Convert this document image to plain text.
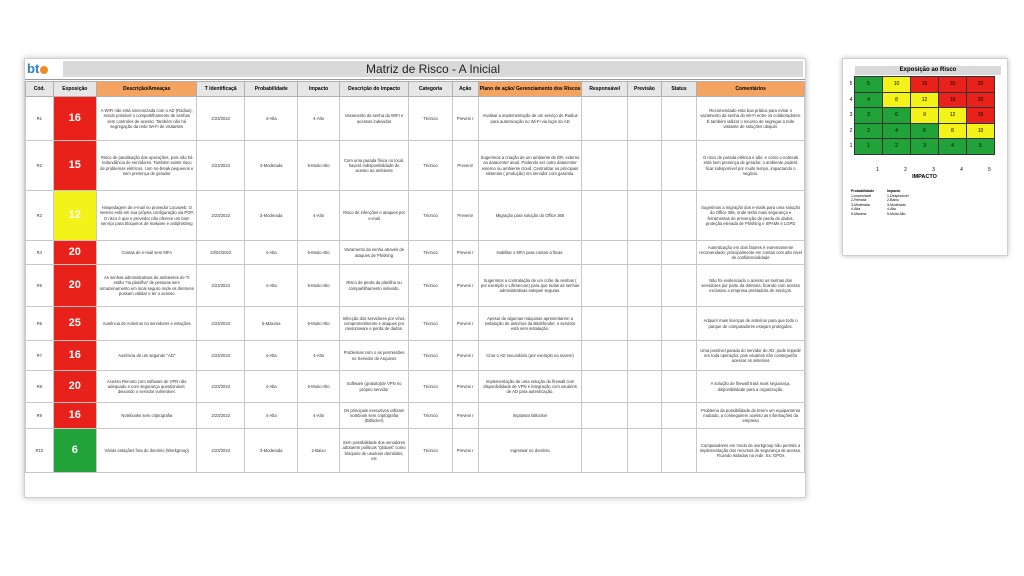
bt	Matriz de Risco - A Inicial
Cód.	Exposição	Descrição/Ameaças	T Identificaçã	Probabilidade	Impacto	Descrição do Impacto	Categoria	Ação	Plano de ação/ Gerenciamento dos Riscos	Responsável	Previsão	Status	Comentários
R1	16	A WIFI não está sincronizada com o AD (Radius), sendo possível o compartilhamento de senhas sem controles de acesso. Também não há segregação da rede Wi-Fi de visitantes	2/23/2022	4-Alta	4-Alto	Vazamento da senha da WIFI e acessos indevidos	Técnico	Preveni r	Analisar a implementação de um serviço de Radius para autenticação no Wi-Fi via login do AD				Recomendado esta boa prática para evitar o vazamento da senha do Wi-Fi entre os colaboradores. É também utilizar o recurso de segregar a rede visitante de soluções ubiquiti.
R2	15	Risco de paralisação das operações, pois não há redundância de servidores. Também existe risco de problemas elétricos, com no-break pequenos e sem presença de gerador	2/23/2022	3-Moderada	5-Muito Alto	Com uma parada física no local, haverá indisponibilidade de acesso ao ambiente	Técnico	Prevenir	Sugerimos a criação de um ambiente de DR, externo ao datacenter atual. Podendo ser outro datacenter externo ou ambiente cloud. Centralizar os principais sistemas ( produção) em servidor com garantia.				O risco de parada elétrica é alto, e como o nobreak está sem presença de gerador, o ambiente poderá ficar indisponível por muito tempo, impactando o negócio.
R3	12	Hospedagem de e-mail no provedor Locaweb. O mesmo está em sua própria configuração via POP, O risco é que o provedor não oferece um bom serviço para bloqueios de malware e antiphishing	2/23/2022	3-Moderada	4-Alto	Risco de infecções e ataques por e-mail	Técnico	Prevenir	Migração para solução do Office 365				Sugerimos a migração dos e-mails para uma solução do Office 365, onde terão mais segurança e ferramentas de prevenção de perda de dados, proteção elevada de Phishing e SPAMs e LGPD
R4	20	Contas de e-mail sem MFA	23/02/2022	4-Alta	5-Muito Alto	Vazamento da senha através de ataques de Phishing	Técnico	Preveni r	Habilitar o MFA para contas críticas.				Autenticação em dois fatores é extremamente recomendado, principalmente em contas com alto nível de confidencialidade
R5	20	As senhas administrativas de ambientes de TI estão "na planilha" de pessoas sem armazenamento em local seguro onde os diretores possam validar e ter o acesso	2/23/2022	4-Alta	5-Muito Alto	Risco de perda da planilha ou compartilhamento indevido.	Técnico	Preveni r	Sugerimos a contratação de um cofre de senhas ( por exemplo o LifeSecure) para que todas as senhas administrativas estejam seguras.				Não foi evidenciado o acesso as senhas dos servidores por parte da diretoria, ficando com acesso exclusivo a empresa prestadora de serviços.
R6	25	Ausência de Antivírus no servidores e estações	2/23/2022	5-Máxima	5-Muito Alto	Infecção dos servidores por vírus, comprometimento e ataques por ransomware e perda de dados.	Técnico	Preveni r	Apesar de algumas máquinas apresentarem a instalação de antivírus da Bitdefender, o servidor está sem instalação.				Adquirir mais licenças de antivírus para que todo o parque de computadores estejam protegidos.
R7	16	Ausência de um segundo "AD"	2/23/2022	4-Alta	4-Alto	Problemas com o as permissões no Servidor de Arquivos	Técnico	Preveni r	Criar o AD secundário (por exemplo na nuvem)				Uma possível parada do servidor de AD, pode impedir em toda operação, pois usuários não conseguirão acessar os sistemas
R8	20	Acesso Remoto com software de VPN não adequado e com segurança questionável, deixando o servidor vulnerável.	2/23/2022	4-Alta	5-Muito Alto	Software (gratuito)de VPN no próprio servidor	Técnico	Preveni r	Implementação de uma solução de firewall com disponibilidade de VPN e integração com usuários de AD para autenticação.				A solução de firewall trará mais segurança, disponibilidade para a organização.
R9	16	Notebooks sem criptografia	2/23/2022	4-Alta	4-Alto	Os principais executivos utilizam notebook sem criptografia (Bitlocker)	Técnico	Preveni r	Implantar Bitlocker				Problema da possibilidade de terem um equipamento roubado, a conseguirem acesso as informações da empresa
R10	6	Várias estações fora do domínio (Workgroup)	2/23/2022	3-Moderada	2-Baixo	Sem possibilidade dos servidores adotarem políticas "globais" como bloqueio de usuários demitidos, etc	Técnico	Preveni r	Ingressar no domínio				Computadores em modo de workgroup não permite a implementação dos recursos de segurança de acesso. Ficando isolados na rede. Ex: GPOs
Exposição ao Risco
5	5	10	15	20	25
4	4	8	12	16	20
3	3	6	9	12	15
2	2	4	6	8	10
1	1	2	3	4	5
1	2	3	4	5
IMPACTO
Probabilidade
1-Improvável
2-Remota
3-Moderada
4-Alta
5-Máxima
Impacto
1-Desprezível
2-Baixo
3-Moderado
4-Alto
5-Muito Alto
